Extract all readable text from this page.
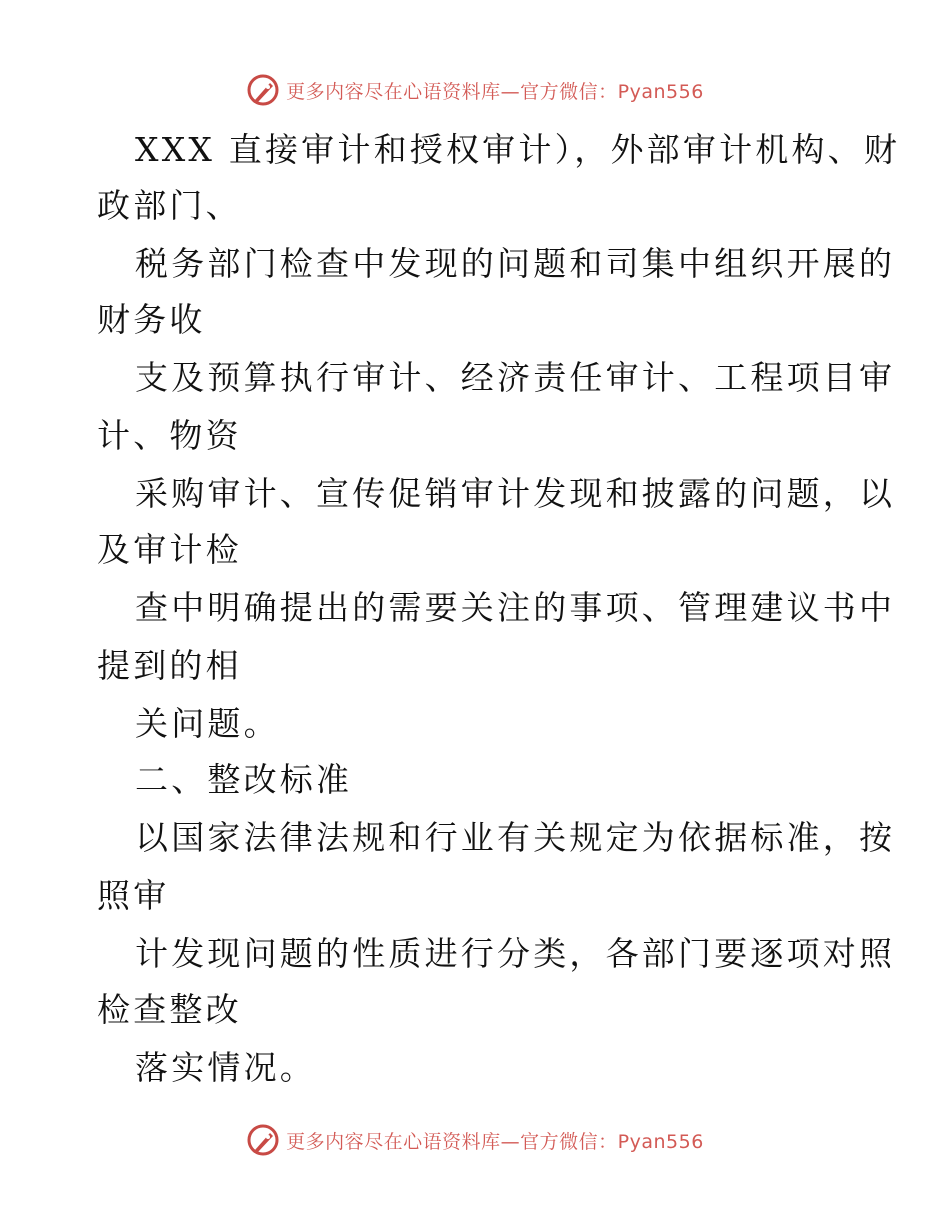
更多内容尽在心语资料库—官方微信：Pyan556
XXX 直接审计和授权审计），外部审计机构、财
政部门、
税务部门检查中发现的问题和司集中组织开展的
财务收
支及预算执行审计、经济责任审计、工程项目审
计、物资
采购审计、宣传促销审计发现和披露的问题，以
及审计检
查中明确提出的需要关注的事项、管理建议书中
提到的相
关问题。
二、整改标准
以国家法律法规和行业有关规定为依据标准，按
照审
计发现问题的性质进行分类，各部门要逐项对照
检查整改
落实情况。
更多内容尽在心语资料库—官方微信：Pyan556
